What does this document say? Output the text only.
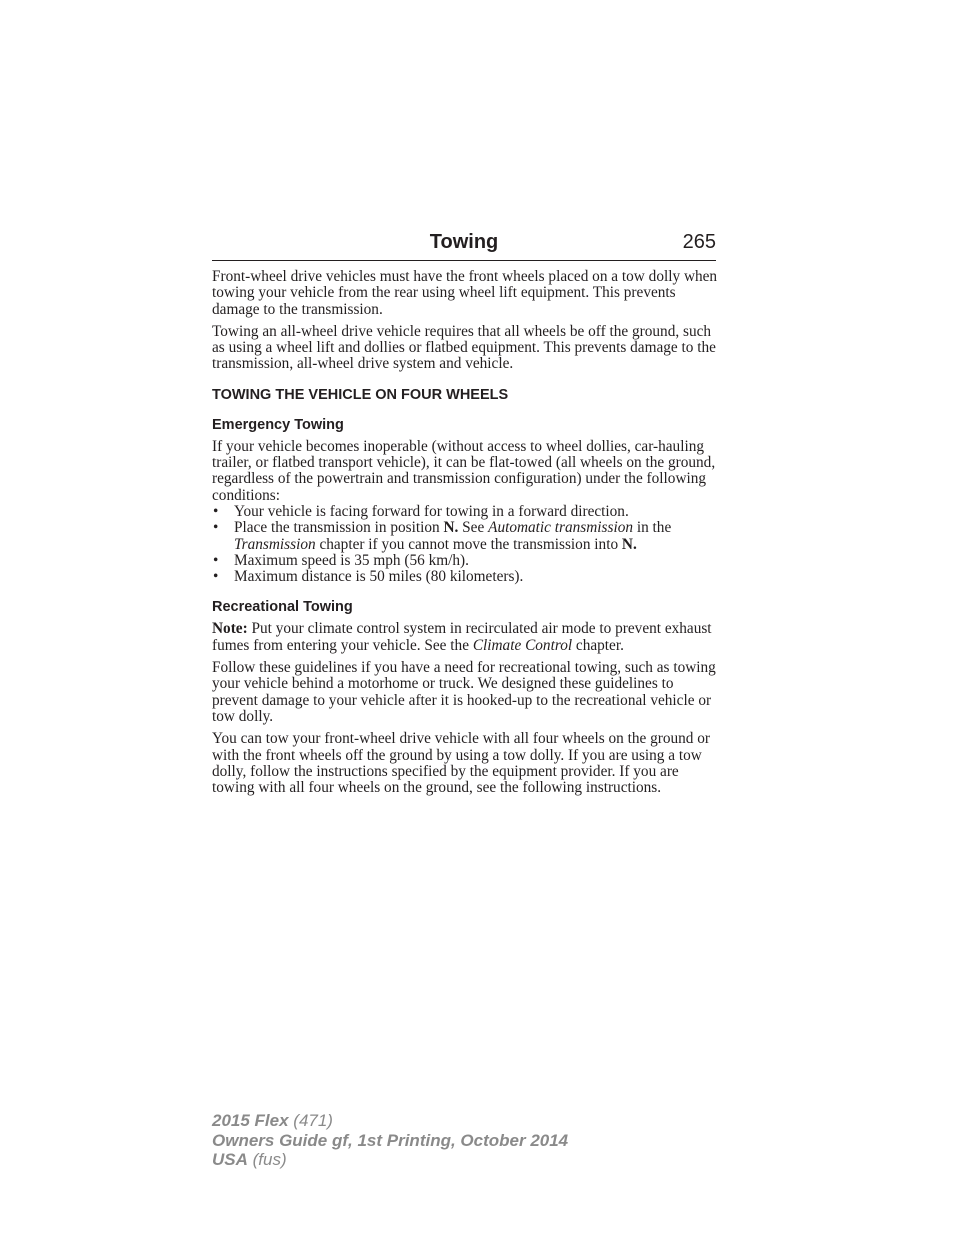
Towing	265

Front-wheel drive vehicles must have the front wheels placed on a tow dolly when towing your vehicle from the rear using wheel lift equipment. This prevents damage to the transmission.

Towing an all-wheel drive vehicle requires that all wheels be off the ground, such as using a wheel lift and dollies or flatbed equipment. This prevents damage to the transmission, all-wheel drive system and vehicle.

TOWING THE VEHICLE ON FOUR WHEELS
Emergency Towing

If your vehicle becomes inoperable (without access to wheel dollies, car-hauling trailer, or flatbed transport vehicle), it can be flat-towed (all wheels on the ground, regardless of the powertrain and transmission configuration) under the following conditions:

• Your vehicle is facing forward for towing in a forward direction.
• Place the transmission in position N. See Automatic transmission in the Transmission chapter if you cannot move the transmission into N.
• Maximum speed is 35 mph (56 km/h).
• Maximum distance is 50 miles (80 kilometers).
Recreational Towing

Note: Put your climate control system in recirculated air mode to prevent exhaust fumes from entering your vehicle. See the Climate Control chapter.

Follow these guidelines if you have a need for recreational towing, such as towing your vehicle behind a motorhome or truck. We designed these guidelines to prevent damage to your vehicle after it is hooked-up to the recreational vehicle or tow dolly.

You can tow your front-wheel drive vehicle with all four wheels on the ground or with the front wheels off the ground by using a tow dolly. If you are using a tow dolly, follow the instructions specified by the equipment provider. If you are towing with all four wheels on the ground, see the following instructions.

2015 Flex (471)
Owners Guide gf, 1st Printing, October 2014
USA (fus)
